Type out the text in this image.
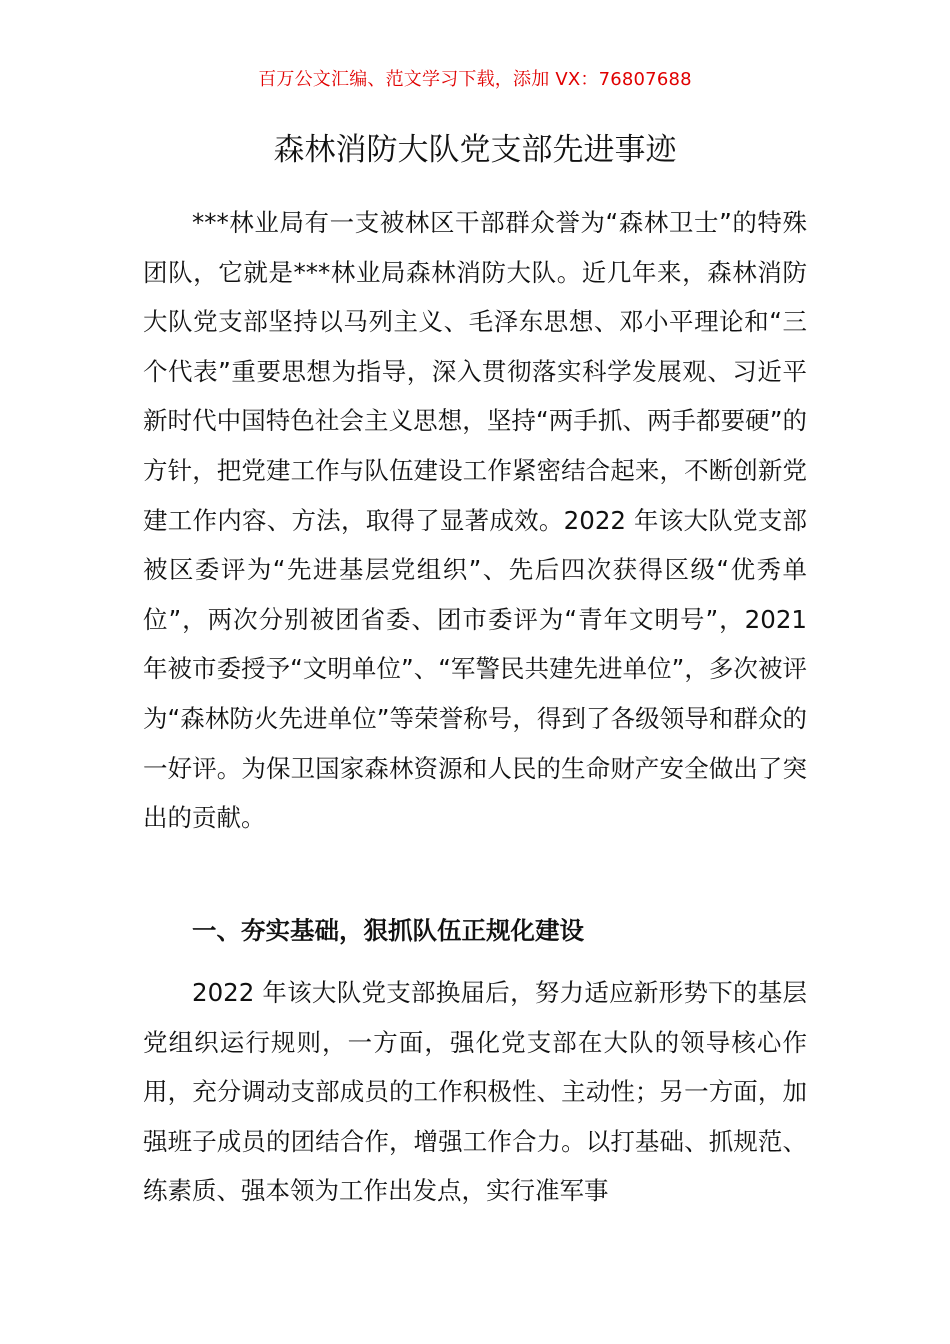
百万公文汇编、范文学习下载，添加 VX：76807688
森林消防大队党支部先进事迹

***林业局有一支被林区干部群众誉为“森林卫士”的特殊团队，它就是***林业局森林消防大队。近几年来，森林消防大队党支部坚持以马列主义、毛泽东思想、邓小平理论和“三个代表”重要思想为指导，深入贯彻落实科学发展观、习近平新时代中国特色社会主义思想，坚持“两手抓、两手都要硬”的方针，把党建工作与队伍建设工作紧密结合起来，不断创新党建工作内容、方法，取得了显著成效。2022 年该大队党支部被区委评为“先进基层党组织”、先后四次获得区级“优秀单位”，两次分别被团省委、团市委评为“青年文明号”，2021 年被市委授予“文明单位”、“军警民共建先进单位”，多次被评为“森林防火先进单位”等荣誉称号，得到了各级领导和群众的一好评。为保卫国家森林资源和人民的生命财产安全做出了突出的贡献。

一、夯实基础，狠抓队伍正规化建设

2022 年该大队党支部换届后，努力适应新形势下的基层党组织运行规则，一方面，强化党支部在大队的领导核心作用，充分调动支部成员的工作积极性、主动性；另一方面，加强班子成员的团结合作，增强工作合力。以打基础、抓规范、练素质、强本领为工作出发点，实行准军事
